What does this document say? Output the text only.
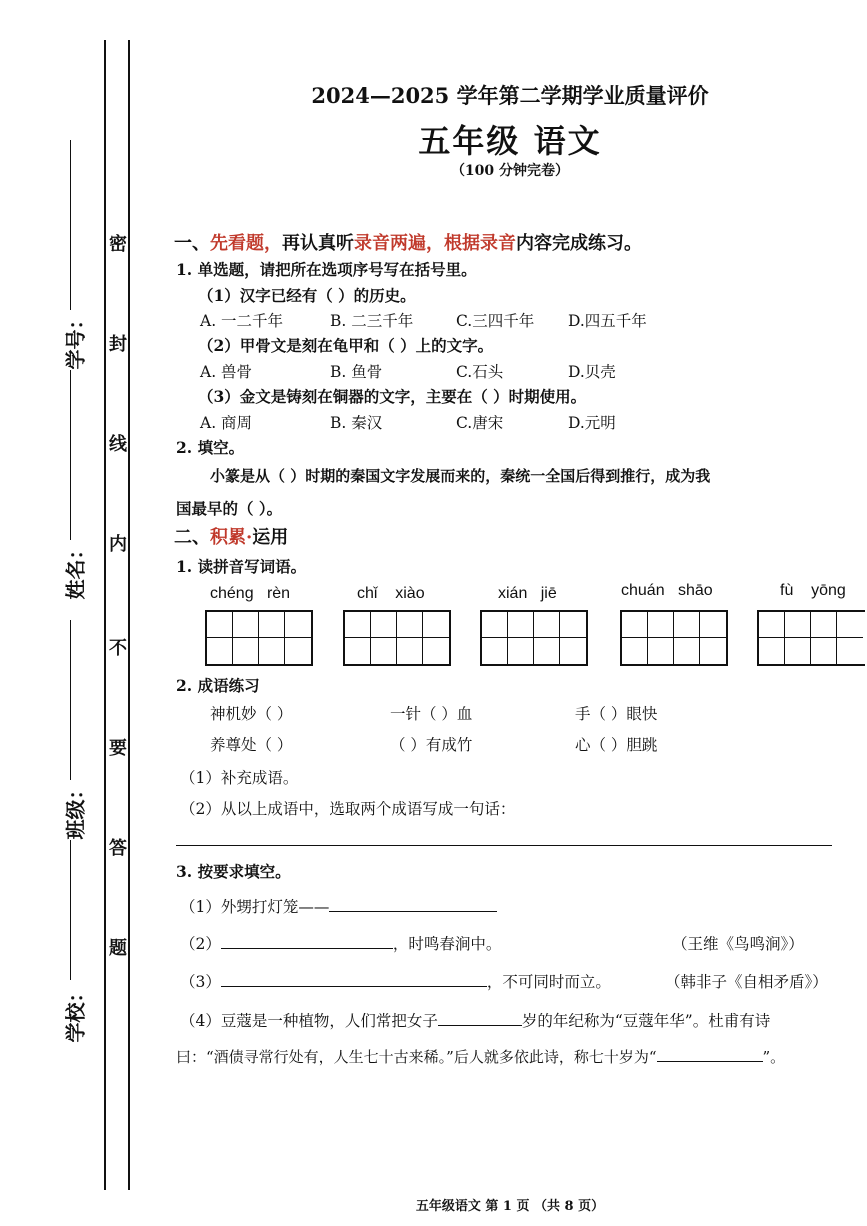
学号：
姓名：
班级：
学校：
密
封
线
内
不
要
答
题
2024—2025 学年第二学期学业质量评价
五年级 语文
（100 分钟完卷）
一、先看题，再认真听录音两遍，根据录音内容完成练习。
1. 单选题，请把所在选项序号写在括号里。
（1）汉字已经有（ ）的历史。
A. 一二千年	B. 二三千年	C.三四千年 D.四五千年
（2）甲骨文是刻在龟甲和（ ）上的文字。
A. 兽骨	B. 鱼骨	C.石头	D.贝壳
（3）金文是铸刻在铜器的文字，主要在（ ）时期使用。
A. 商周	B. 秦汉	C.唐宋	D.元明
2. 填空。
小篆是从（ ）时期的秦国文字发展而来的，秦统一全国后得到推行，成为我
国最早的（ ）。
二、积累·运用
1. 读拼音写词语。
chéng rèn	chǐ xiào	xián jiē	chuán shāo	fù yōng
2. 成语练习
神机妙（ ）	一针（ ）血	手（ ）眼快
养尊处（ ）	（ ）有成竹	心（ ）胆跳
（1）补充成语。
（2）从以上成语中，选取两个成语写成一句话：
3. 按要求填空。
（1）外甥打灯笼——
（2）	，时鸣春涧中。	（王维《鸟鸣涧》）
（3）	，不可同时而立。	（韩非子《自相矛盾》）
（4）豆蔻是一种植物，人们常把女子	岁的年纪称为“豆蔻年华”。杜甫有诗
曰：“酒债寻常行处有，人生七十古来稀。”后人就多依此诗，称七十岁为“	”。
五年级语文 第 1 页 （共 8 页）
